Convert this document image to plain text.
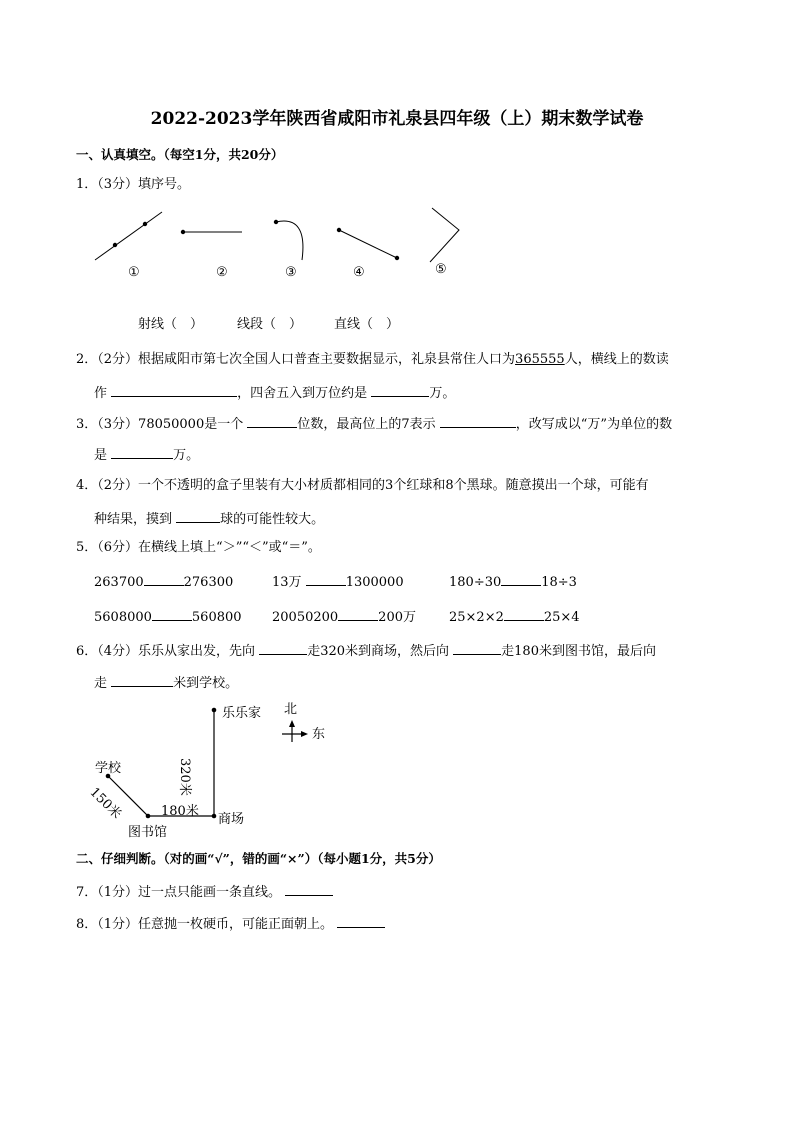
2022-2023学年陕西省咸阳市礼泉县四年级（上）期末数学试卷
一、认真填空。（每空1分，共20分）
1．（3分）填序号。
①	②	③	④	⑤
射线（　）	线段（　） 直线（　）
2．（2分）根据咸阳市第七次全国人口普查主要数据显示，礼泉县常住人口为365555人，横线上的数读
作	，四舍五入到万位约是	万。
3．（3分）78050000是一个	位数，最高位上的7表示	，改写成以“万”为单位的数
是	万。
4．（2分）一个不透明的盒子里装有大小材质都相同的3个红球和8个黑球。随意摸出一个球，可能有
种结果，摸到	球的可能性较大。
5．（6分）在横线上填上“＞”“＜”或“＝”。
263700	276300	13万	1300000	180÷30	18÷3
5608000	560800 20050200	200万	25×2×2	25×4
6．（4分）乐乐从家出发，先向	走320米到商场，然后向	走180米到图书馆，最后向
走	米到学校。
乐乐家
学校
图书馆
商场
北
东
180米
320米
150米
二、仔细判断。（对的画“√”，错的画“×”）（每小题1分，共5分）
7．（1分）过一点只能画一条直线。
8．（1分）任意抛一枚硬币，可能正面朝上。
